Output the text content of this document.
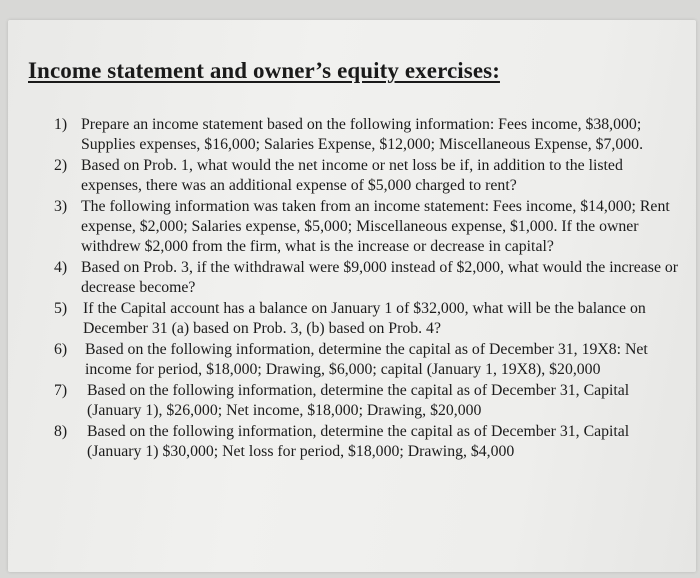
Income statement and owner’s equity exercises:
1) Prepare an income statement based on the following information: Fees income, $38,000; Supplies expenses, $16,000; Salaries Expense, $12,000; Miscellaneous Expense, $7,000.
2) Based on Prob. 1, what would the net income or net loss be if, in addition to the listed expenses, there was an additional expense of $5,000 charged to rent?
3) The following information was taken from an income statement: Fees income, $14,000; Rent expense, $2,000; Salaries expense, $5,000; Miscellaneous expense, $1,000. If the owner withdrew $2,000 from the firm, what is the increase or decrease in capital?
4) Based on Prob. 3, if the withdrawal were $9,000 instead of $2,000, what would the increase or decrease become?
5)	If the Capital account has a balance on January 1 of $32,000, what will be the balance on December 31 (a) based on Prob. 3, (b) based on Prob. 4?
6)	Based on the following information, determine the capital as of December 31, 19X8: Net income for period, $18,000; Drawing, $6,000; capital (January 1, 19X8), $20,000
7)	Based on the following information, determine the capital as of December 31, Capital (January 1), $26,000; Net income, $18,000; Drawing, $20,000
8)	Based on the following information, determine the capital as of December 31, Capital (January 1) $30,000; Net loss for period, $18,000; Drawing, $4,000
